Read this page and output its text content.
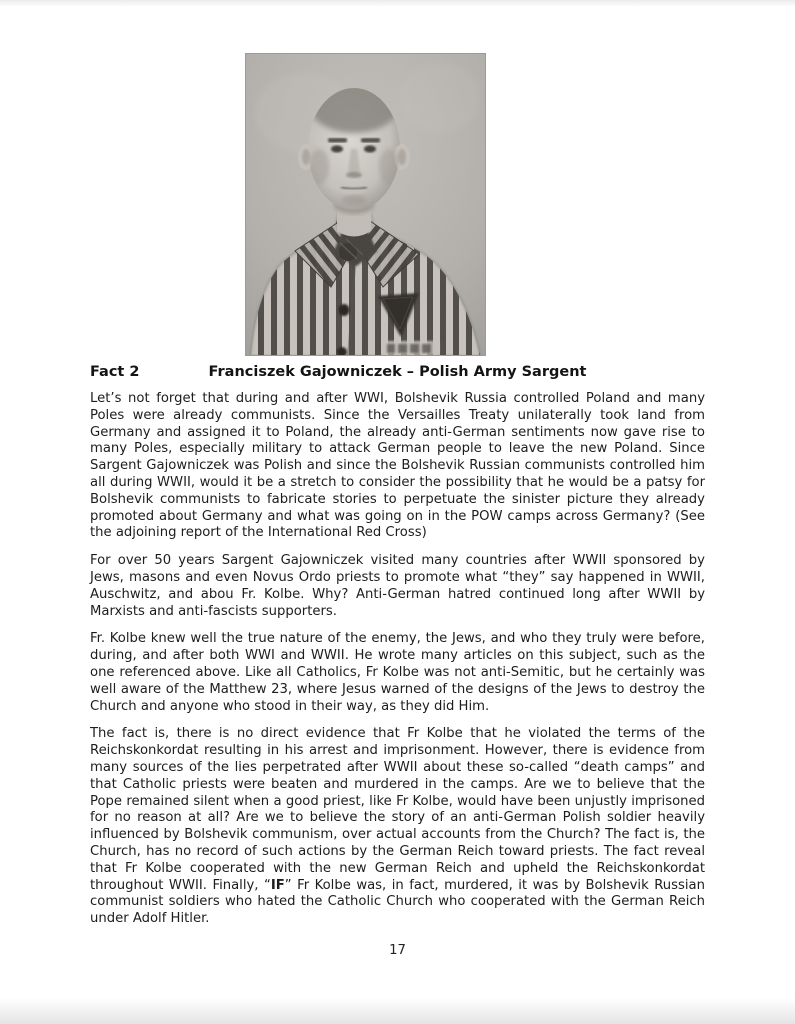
Fact 2	Franciszek Gajowniczek – Polish Army Sargent

Let’s not forget that during and after WWI, Bolshevik Russia controlled Poland and many Poles were already communists. Since the Versailles Treaty unilaterally took land from Germany and assigned it to Poland, the already anti-German sentiments now gave rise to many Poles, especially military to attack German people to leave the new Poland. Since Sargent Gajowniczek was Polish and since the Bolshevik Russian communists controlled him all during WWII, would it be a stretch to consider the possibility that he would be a patsy for Bolshevik communists to fabricate stories to perpetuate the sinister picture they already promoted about Germany and what was going on in the POW camps across Germany? (See the adjoining report of the International Red Cross)

For over 50 years Sargent Gajowniczek visited many countries after WWII sponsored by Jews, masons and even Novus Ordo priests to promote what “they” say happened in WWII, Auschwitz, and abou Fr. Kolbe. Why? Anti-German hatred continued long after WWII by Marxists and anti-fascists supporters.

Fr. Kolbe knew well the true nature of the enemy, the Jews, and who they truly were before, during, and after both WWI and WWII. He wrote many articles on this subject, such as the one referenced above. Like all Catholics, Fr Kolbe was not anti-Semitic, but he certainly was well aware of the Matthew 23, where Jesus warned of the designs of the Jews to destroy the Church and anyone who stood in their way, as they did Him.

The fact is, there is no direct evidence that Fr Kolbe that he violated the terms of the Reichskonkordat resulting in his arrest and imprisonment. However, there is evidence from many sources of the lies perpetrated after WWII about these so-called “death camps” and that Catholic priests were beaten and murdered in the camps. Are we to believe that the Pope remained silent when a good priest, like Fr Kolbe, would have been unjustly imprisoned for no reason at all? Are we to believe the story of an anti-German Polish soldier heavily influenced by Bolshevik communism, over actual accounts from the Church? The fact is, the Church, has no record of such actions by the German Reich toward priests. The fact reveal that Fr Kolbe cooperated with the new German Reich and upheld the Reichskonkordat throughout WWII. Finally, “IF” Fr Kolbe was, in fact, murdered, it was by Bolshevik Russian communist soldiers who hated the Catholic Church who cooperated with the German Reich under Adolf Hitler.

17
